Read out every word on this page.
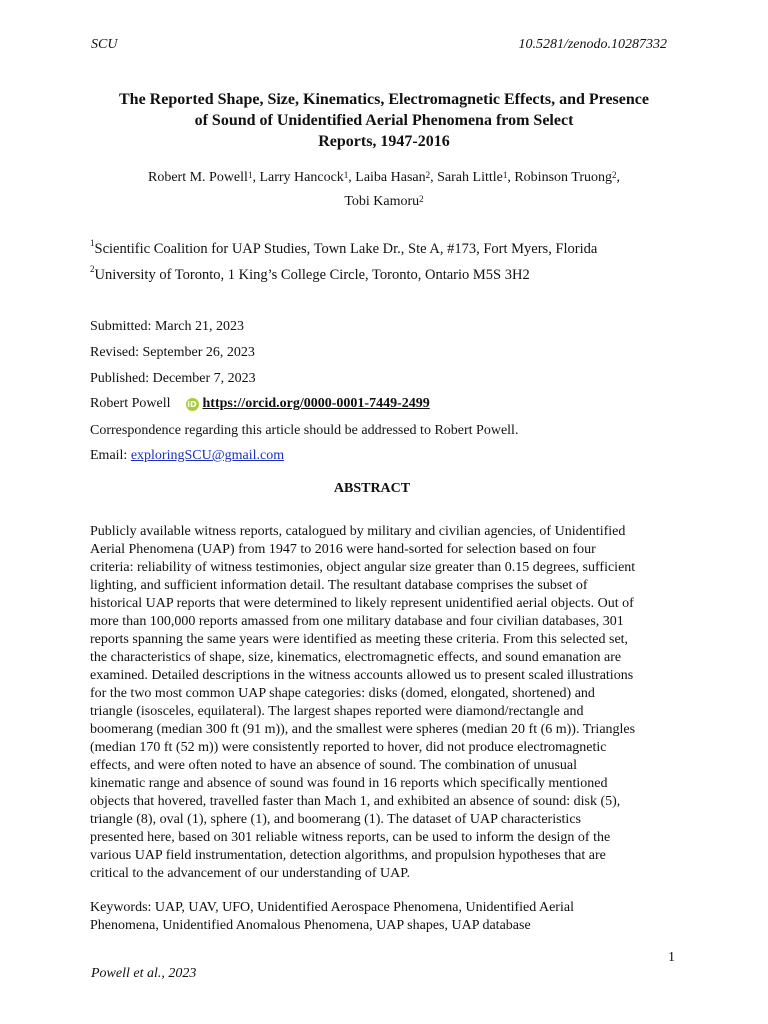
SCU	10.5281/zenodo.10287332
The Reported Shape, Size, Kinematics, Electromagnetic Effects, and Presence
of Sound of Unidentified Aerial Phenomena from Select
Reports, 1947-2016
Robert M. Powell$^1$, Larry Hancock$^1$, Laiba Hasan$^2$, Sarah Little$^1$, Robinson Truong$^2$,
Tobi Kamoru$^2$
$^1$Scientific Coalition for UAP Studies, Town Lake Dr., Ste A, #173, Fort Myers, Florida
$^2$University of Toronto, 1 King’s College Circle, Toronto, Ontario M5S 3H2
Submitted: March 21, 2023
Revised: September 26, 2023
Published: December 7, 2023
Robert Powell iD https://orcid.org/0000-0001-7449-2499
Correspondence regarding this article should be addressed to Robert Powell.
Email: exploringSCU@gmail.com
ABSTRACT
Publicly available witness reports, catalogued by military and civilian agencies, of Unidentified
Aerial Phenomena (UAP) from 1947 to 2016 were hand-sorted for selection based on four
criteria: reliability of witness testimonies, object angular size greater than 0.15 degrees, sufficient
lighting, and sufficient information detail. The resultant database comprises the subset of
historical UAP reports that were determined to likely represent unidentified aerial objects. Out of
more than 100,000 reports amassed from one military database and four civilian databases, 301
reports spanning the same years were identified as meeting these criteria. From this selected set,
the characteristics of shape, size, kinematics, electromagnetic effects, and sound emanation are
examined. Detailed descriptions in the witness accounts allowed us to present scaled illustrations
for the two most common UAP shape categories: disks (domed, elongated, shortened) and
triangle (isosceles, equilateral). The largest shapes reported were diamond/rectangle and
boomerang (median 300 ft (91 m)), and the smallest were spheres (median 20 ft (6 m)). Triangles
(median 170 ft (52 m)) were consistently reported to hover, did not produce electromagnetic
effects, and were often noted to have an absence of sound. The combination of unusual
kinematic range and absence of sound was found in 16 reports which specifically mentioned
objects that hovered, travelled faster than Mach 1, and exhibited an absence of sound: disk (5),
triangle (8), oval (1), sphere (1), and boomerang (1). The dataset of UAP characteristics
presented here, based on 301 reliable witness reports, can be used to inform the design of the
various UAP field instrumentation, detection algorithms, and propulsion hypotheses that are
critical to the advancement of our understanding of UAP.
Keywords: UAP, UAV, UFO, Unidentified Aerospace Phenomena, Unidentified Aerial
Phenomena, Unidentified Anomalous Phenomena, UAP shapes, UAP database
1
Powell et al., 2023
